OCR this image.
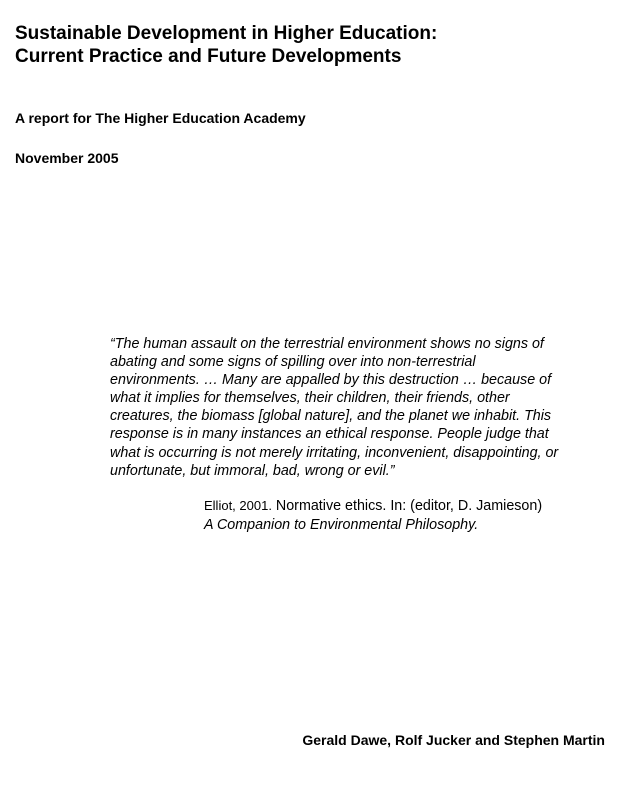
Sustainable Development in Higher Education:
Current Practice and Future Developments

A report for The Higher Education Academy

November 2005

“The human assault on the terrestrial environment shows no signs of
abating and some signs of spilling over into non-terrestrial
environments. … Many are appalled by this destruction … because of
what it implies for themselves, their children, their friends, other
creatures, the biomass [global nature], and the planet we inhabit. This
response is in many instances an ethical response. People judge that
what is occurring is not merely irritating, inconvenient, disappointing, or
unfortunate, but immoral, bad, wrong or evil.”
Elliot, 2001. Normative ethics. In: (editor, D. Jamieson)
A Companion to Environmental Philosophy.

Gerald Dawe, Rolf Jucker and Stephen Martin
